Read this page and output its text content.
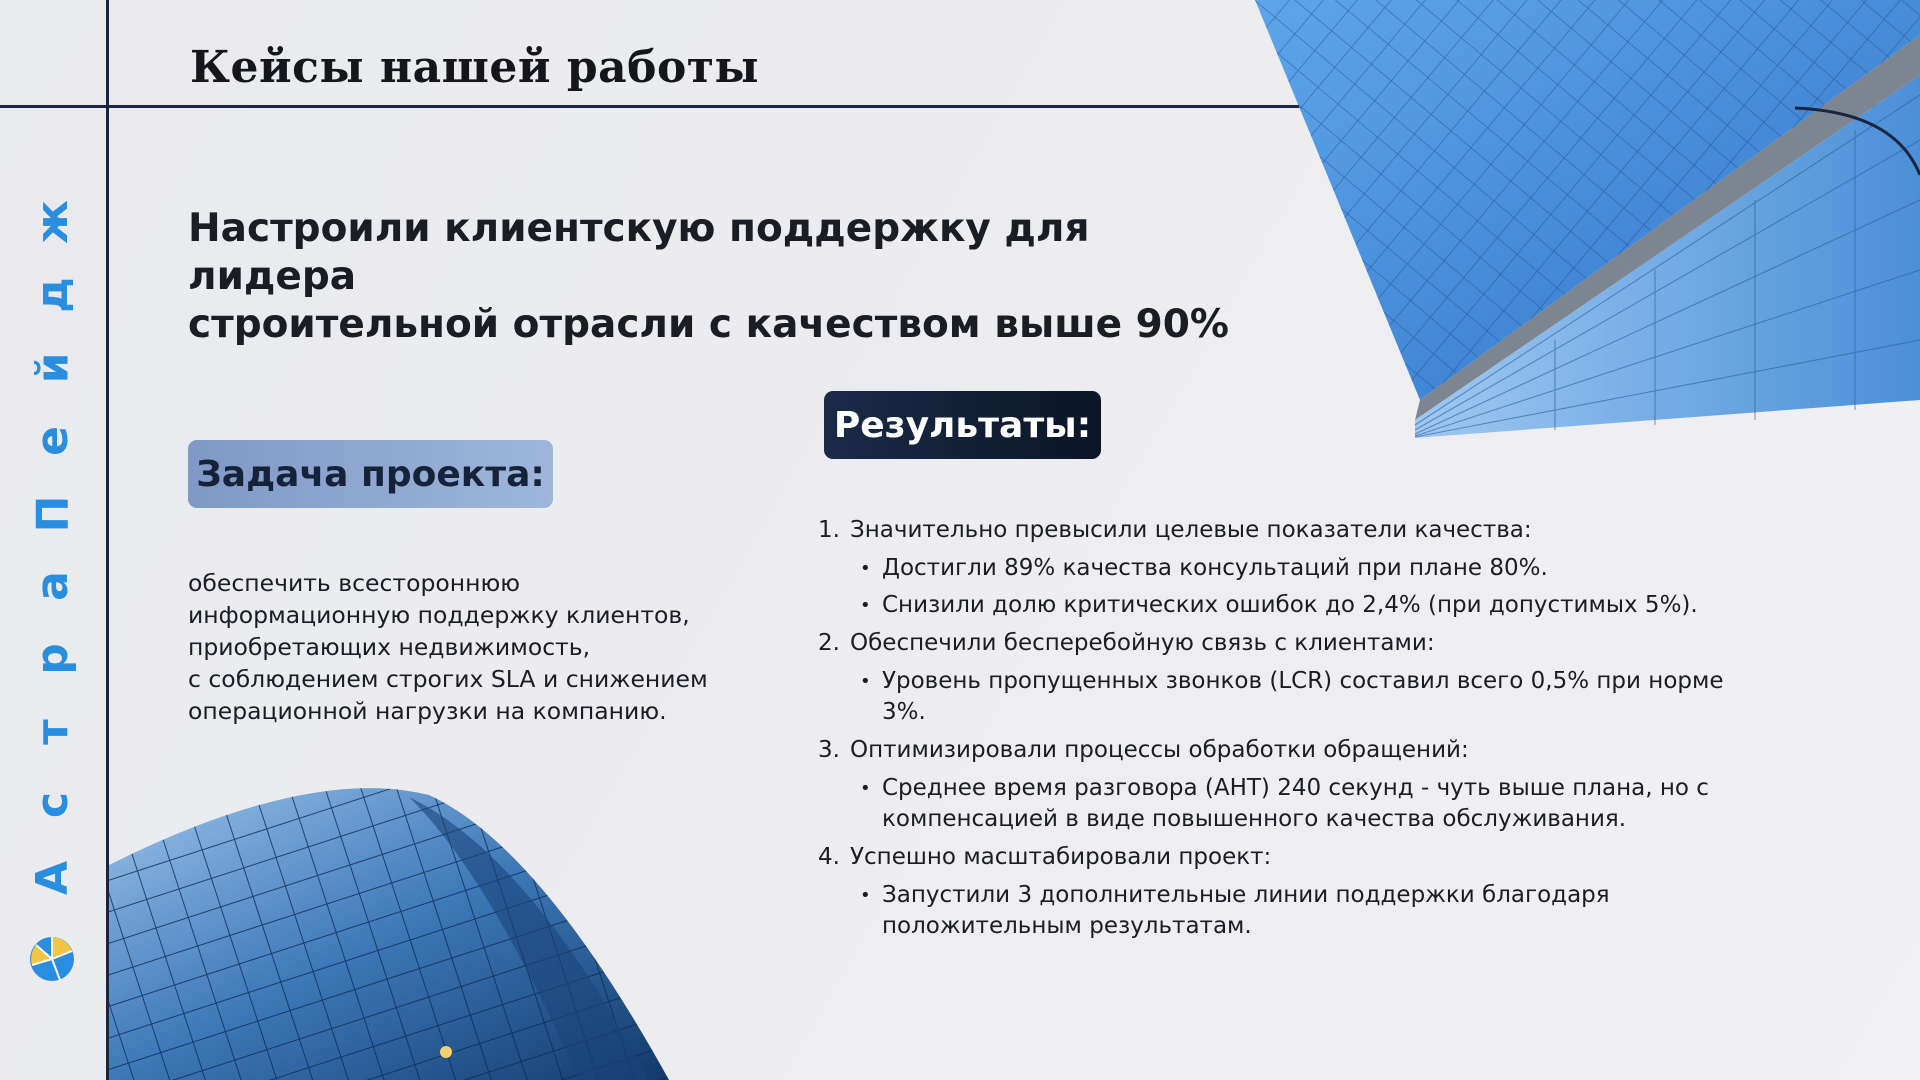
ж
д
й
е
П
а
р
т
с
А
Кейсы нашей работы
Настроили клиентскую поддержку для лидера
строительной отрасли с качеством выше 90%
Задача проекта:
обеспечить всестороннюю
информационную поддержку клиентов,
приобретающих недвижимость,
с соблюдением строгих SLA и снижением
операционной нагрузки на компанию.
Результаты:
1. Значительно превысили целевые показатели качества:
• Достигли 89% качества консультаций при плане 80%.
• Снизили долю критических ошибок до 2,4% (при допустимых 5%).
2. Обеспечили бесперебойную связь с клиентами:
• Уровень пропущенных звонков (LCR) составил всего 0,5% при норме 3%.
3. Оптимизировали процессы обработки обращений:
• Среднее время разговора (AHT) 240 секунд - чуть выше плана, но с компенсацией в виде повышенного качества обслуживания.
4. Успешно масштабировали проект:
• Запустили 3 дополнительные линии поддержки благодаря положительным результатам.
